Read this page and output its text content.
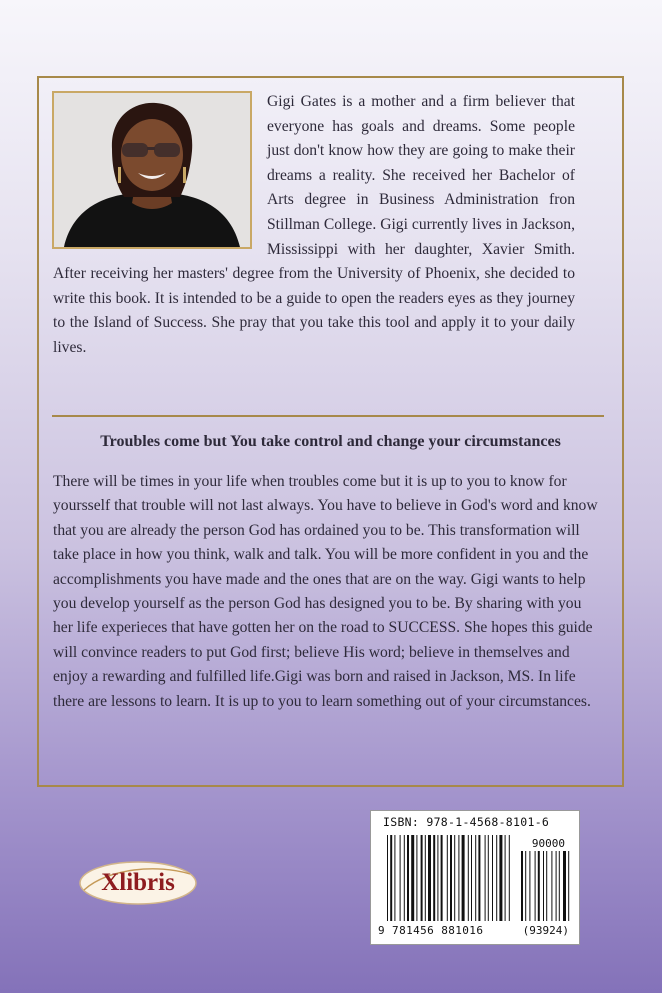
Gigi Gates is a mother and a firm believer that everyone has goals and dreams. Some people just don't know how they are going to make their dreams a reality. She received her Bachelor of Arts degree in Business Administration fron Stillman College. Gigi currently lives in Jackson, Mississippi with her daughter, Xavier Smith. After receiving her masters' degree from the University of Phoenix, she decided to write this book. It is intended to be a guide to open the readers eyes as they journey to the Island of Success. She pray that you take this tool and apply it to your daily lives.

Troubles come but You take control and change your circumstances

There will be times in your life when troubles come but it is up to you to know for yoursself that trouble will not last always. You have to believe in God's word and know that you are already the person God has ordained you to be. This transformation will take place in how you think, walk and talk. You will be more confident in you and the accomplishments you have made and the ones that are on the way. Gigi wants to help you develop yourself as the person God has designed you to be. By sharing with you her life experieces that have gotten her on the road to SUCCESS. She hopes this guide will convince readers to put God first; believe His word; believe in themselves and enjoy a rewarding and fulfilled life.Gigi was born and raised in Jackson, MS. In life there are lessons to learn. It is up to you to learn something out of your circumstances.

Xlibris
ISBN: 978-1-4568-8101-6
90000
9 781456 881016	(93924)
